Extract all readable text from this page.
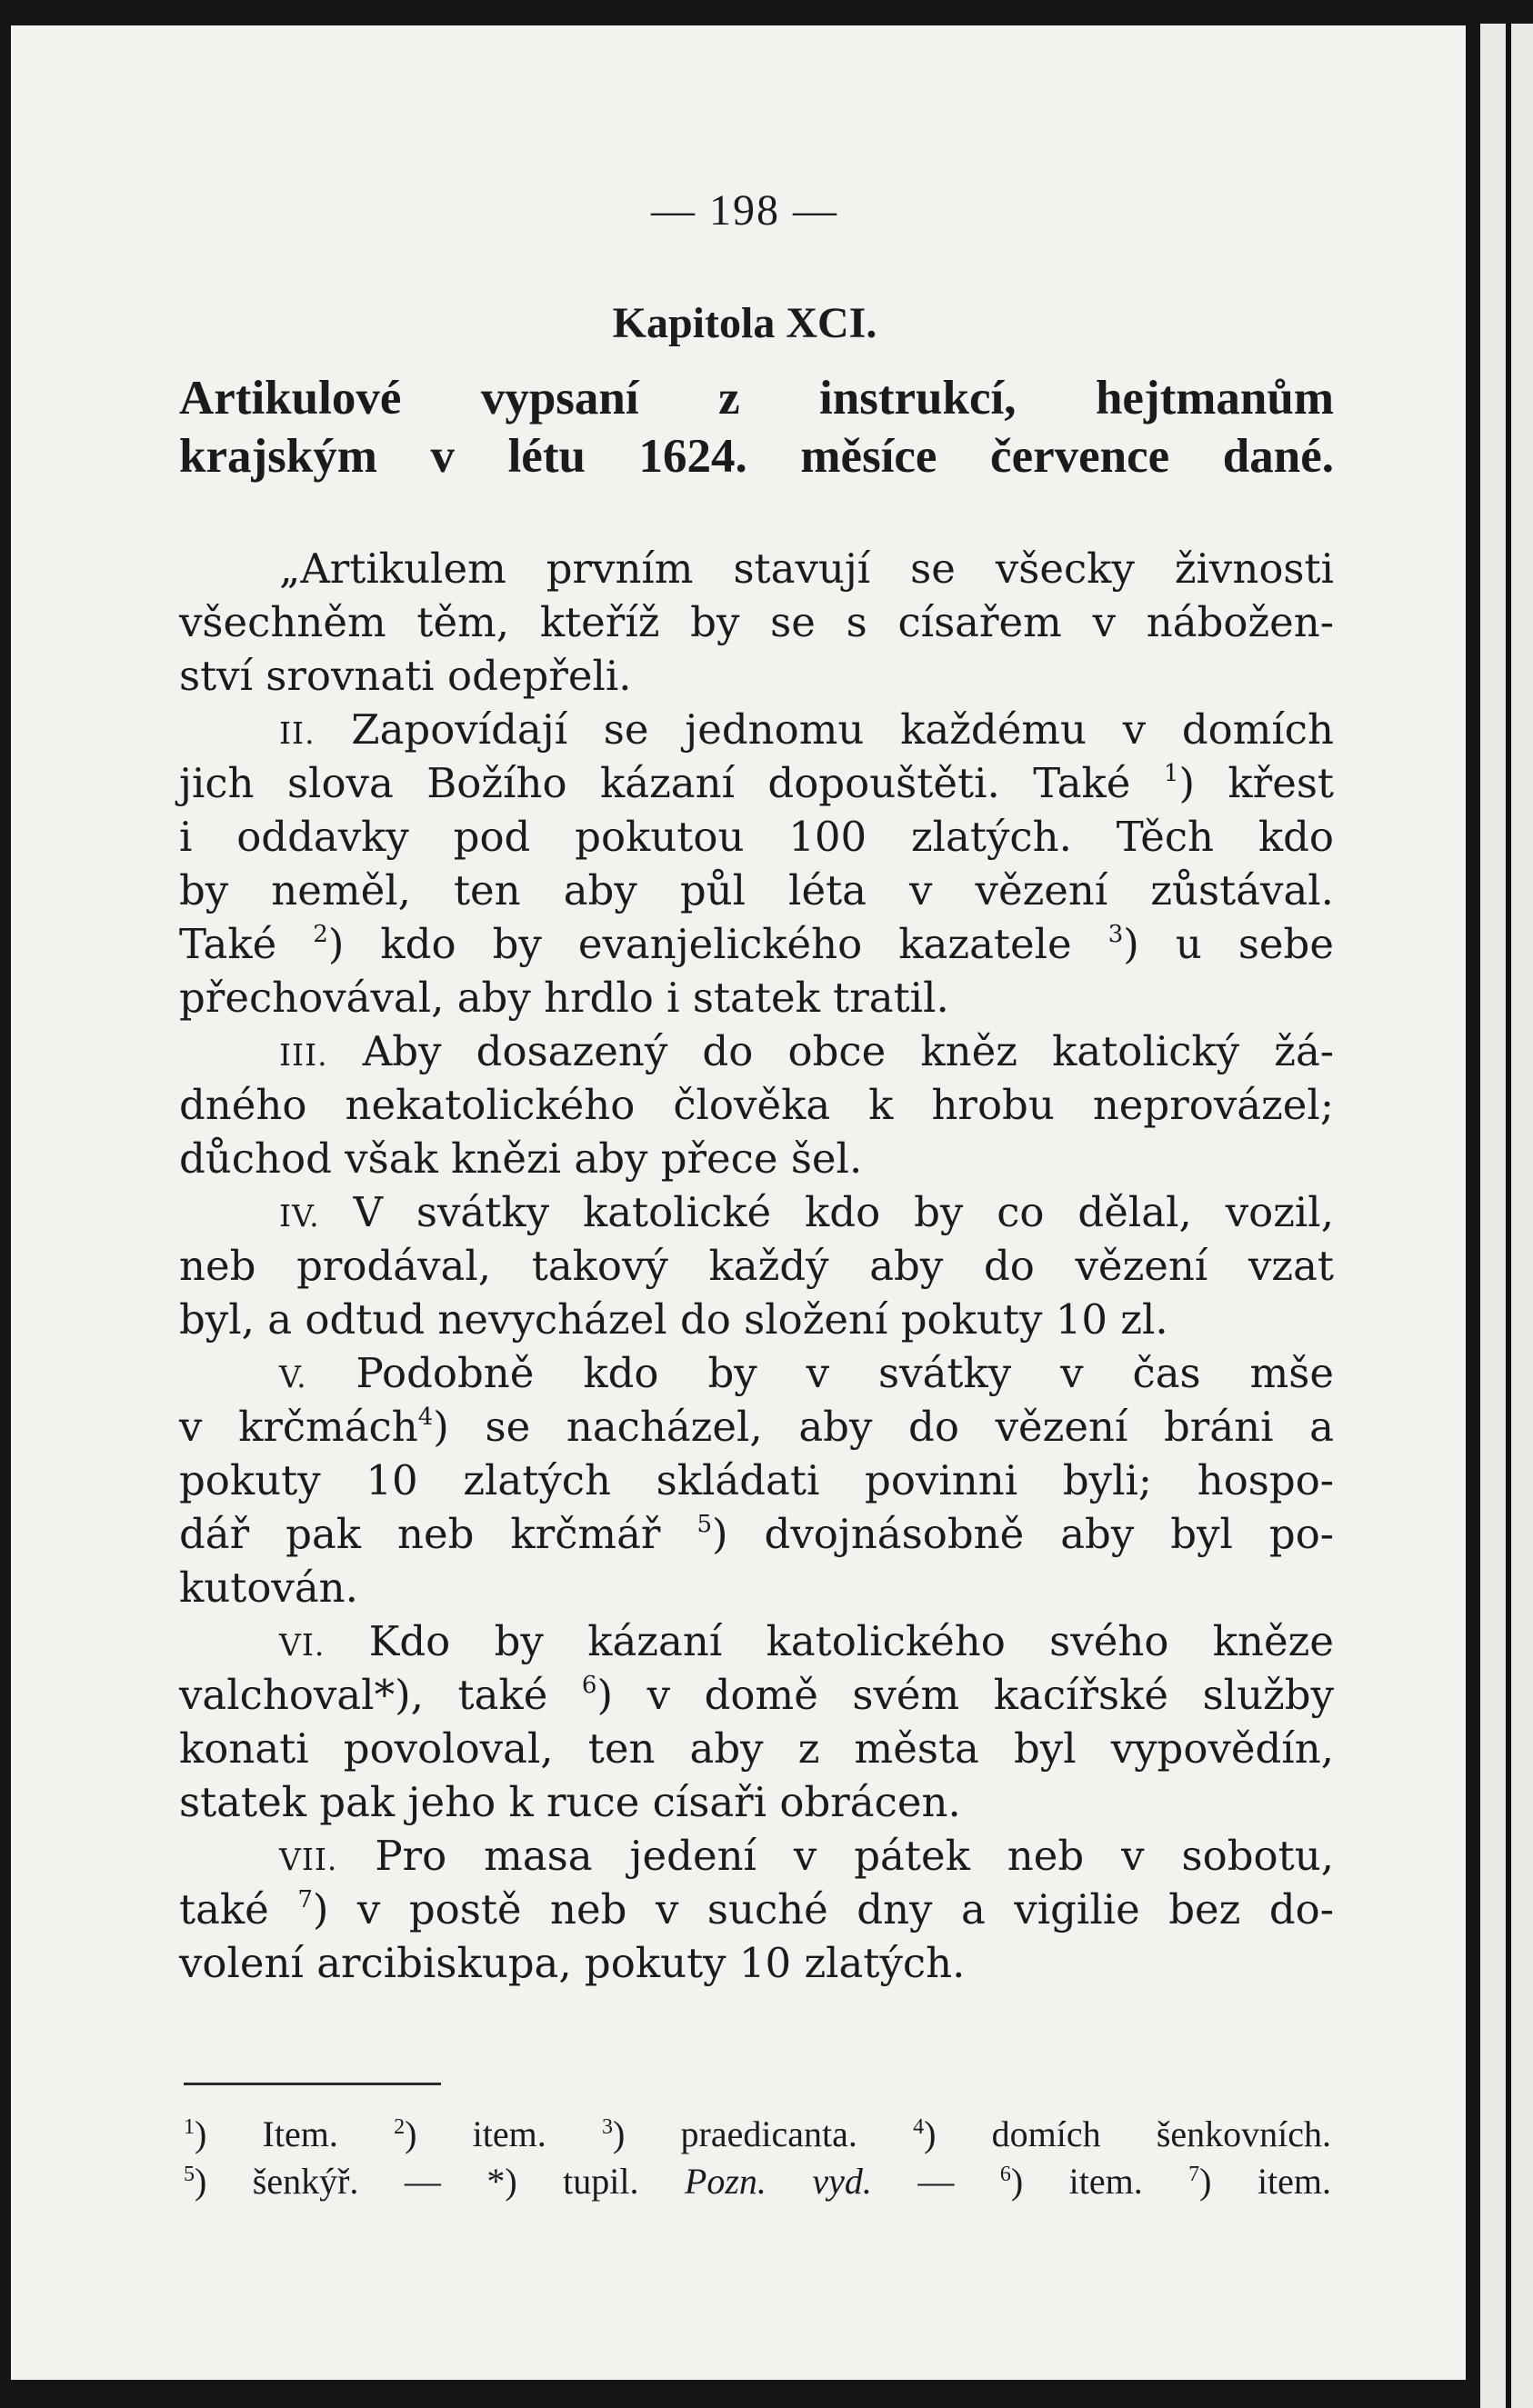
— 198 —
Kapitola XCI.
Artikulové vypsaní z instrukcí, hejtmanům
krajským v létu 1624. měsíce července dané.
„Artikulem prvním stavují se všecky živnosti
všechněm těm, kteříž by se s císařem v nábožen-
ství srovnati odepřeli.
II. Zapovídají se jednomu každému v domích
jich slova Božího kázaní dopouštěti. Také $^1$) křest
i oddavky pod pokutou 100 zlatých. Těch kdo
by neměl, ten aby půl léta v vězení zůstával.
Také $^2$) kdo by evanjelického kazatele $^3$) u sebe
přechovával, aby hrdlo i statek tratil.
III. Aby dosazený do obce kněz katolický žá-
dného nekatolického člověka k hrobu neprovázel;
důchod však knězi aby přece šel.
IV. V svátky katolické kdo by co dělal, vozil,
neb prodával, takový každý aby do vězení vzat
byl, a odtud nevycházel do složení pokuty 10 zl.
V. Podobně kdo by v svátky v čas mše
v krčmách$^4$) se nacházel, aby do vězení bráni a
pokuty 10 zlatých skládati povinni byli; hospo-
dář pak neb krčmář $^5$) dvojnásobně aby byl po-
kutován.
VI. Kdo by kázaní katolického svého kněze
valchoval*), také $^6$) v domě svém kacířské služby
konati povoloval, ten aby z města byl vypovědín,
statek pak jeho k ruce císaři obrácen.
VII. Pro masa jedení v pátek neb v sobotu,
také $^7$) v postě neb v suché dny a vigilie bez do-
volení arcibiskupa, pokuty 10 zlatých.
$^1$) Item.	$^2$) item.	$^3$) praedicanta.	$^4$) domích šenkovních.
$^5$) šenkýř. — *) tupil. Pozn. vyd. — $^6$) item. $^7$) item.
